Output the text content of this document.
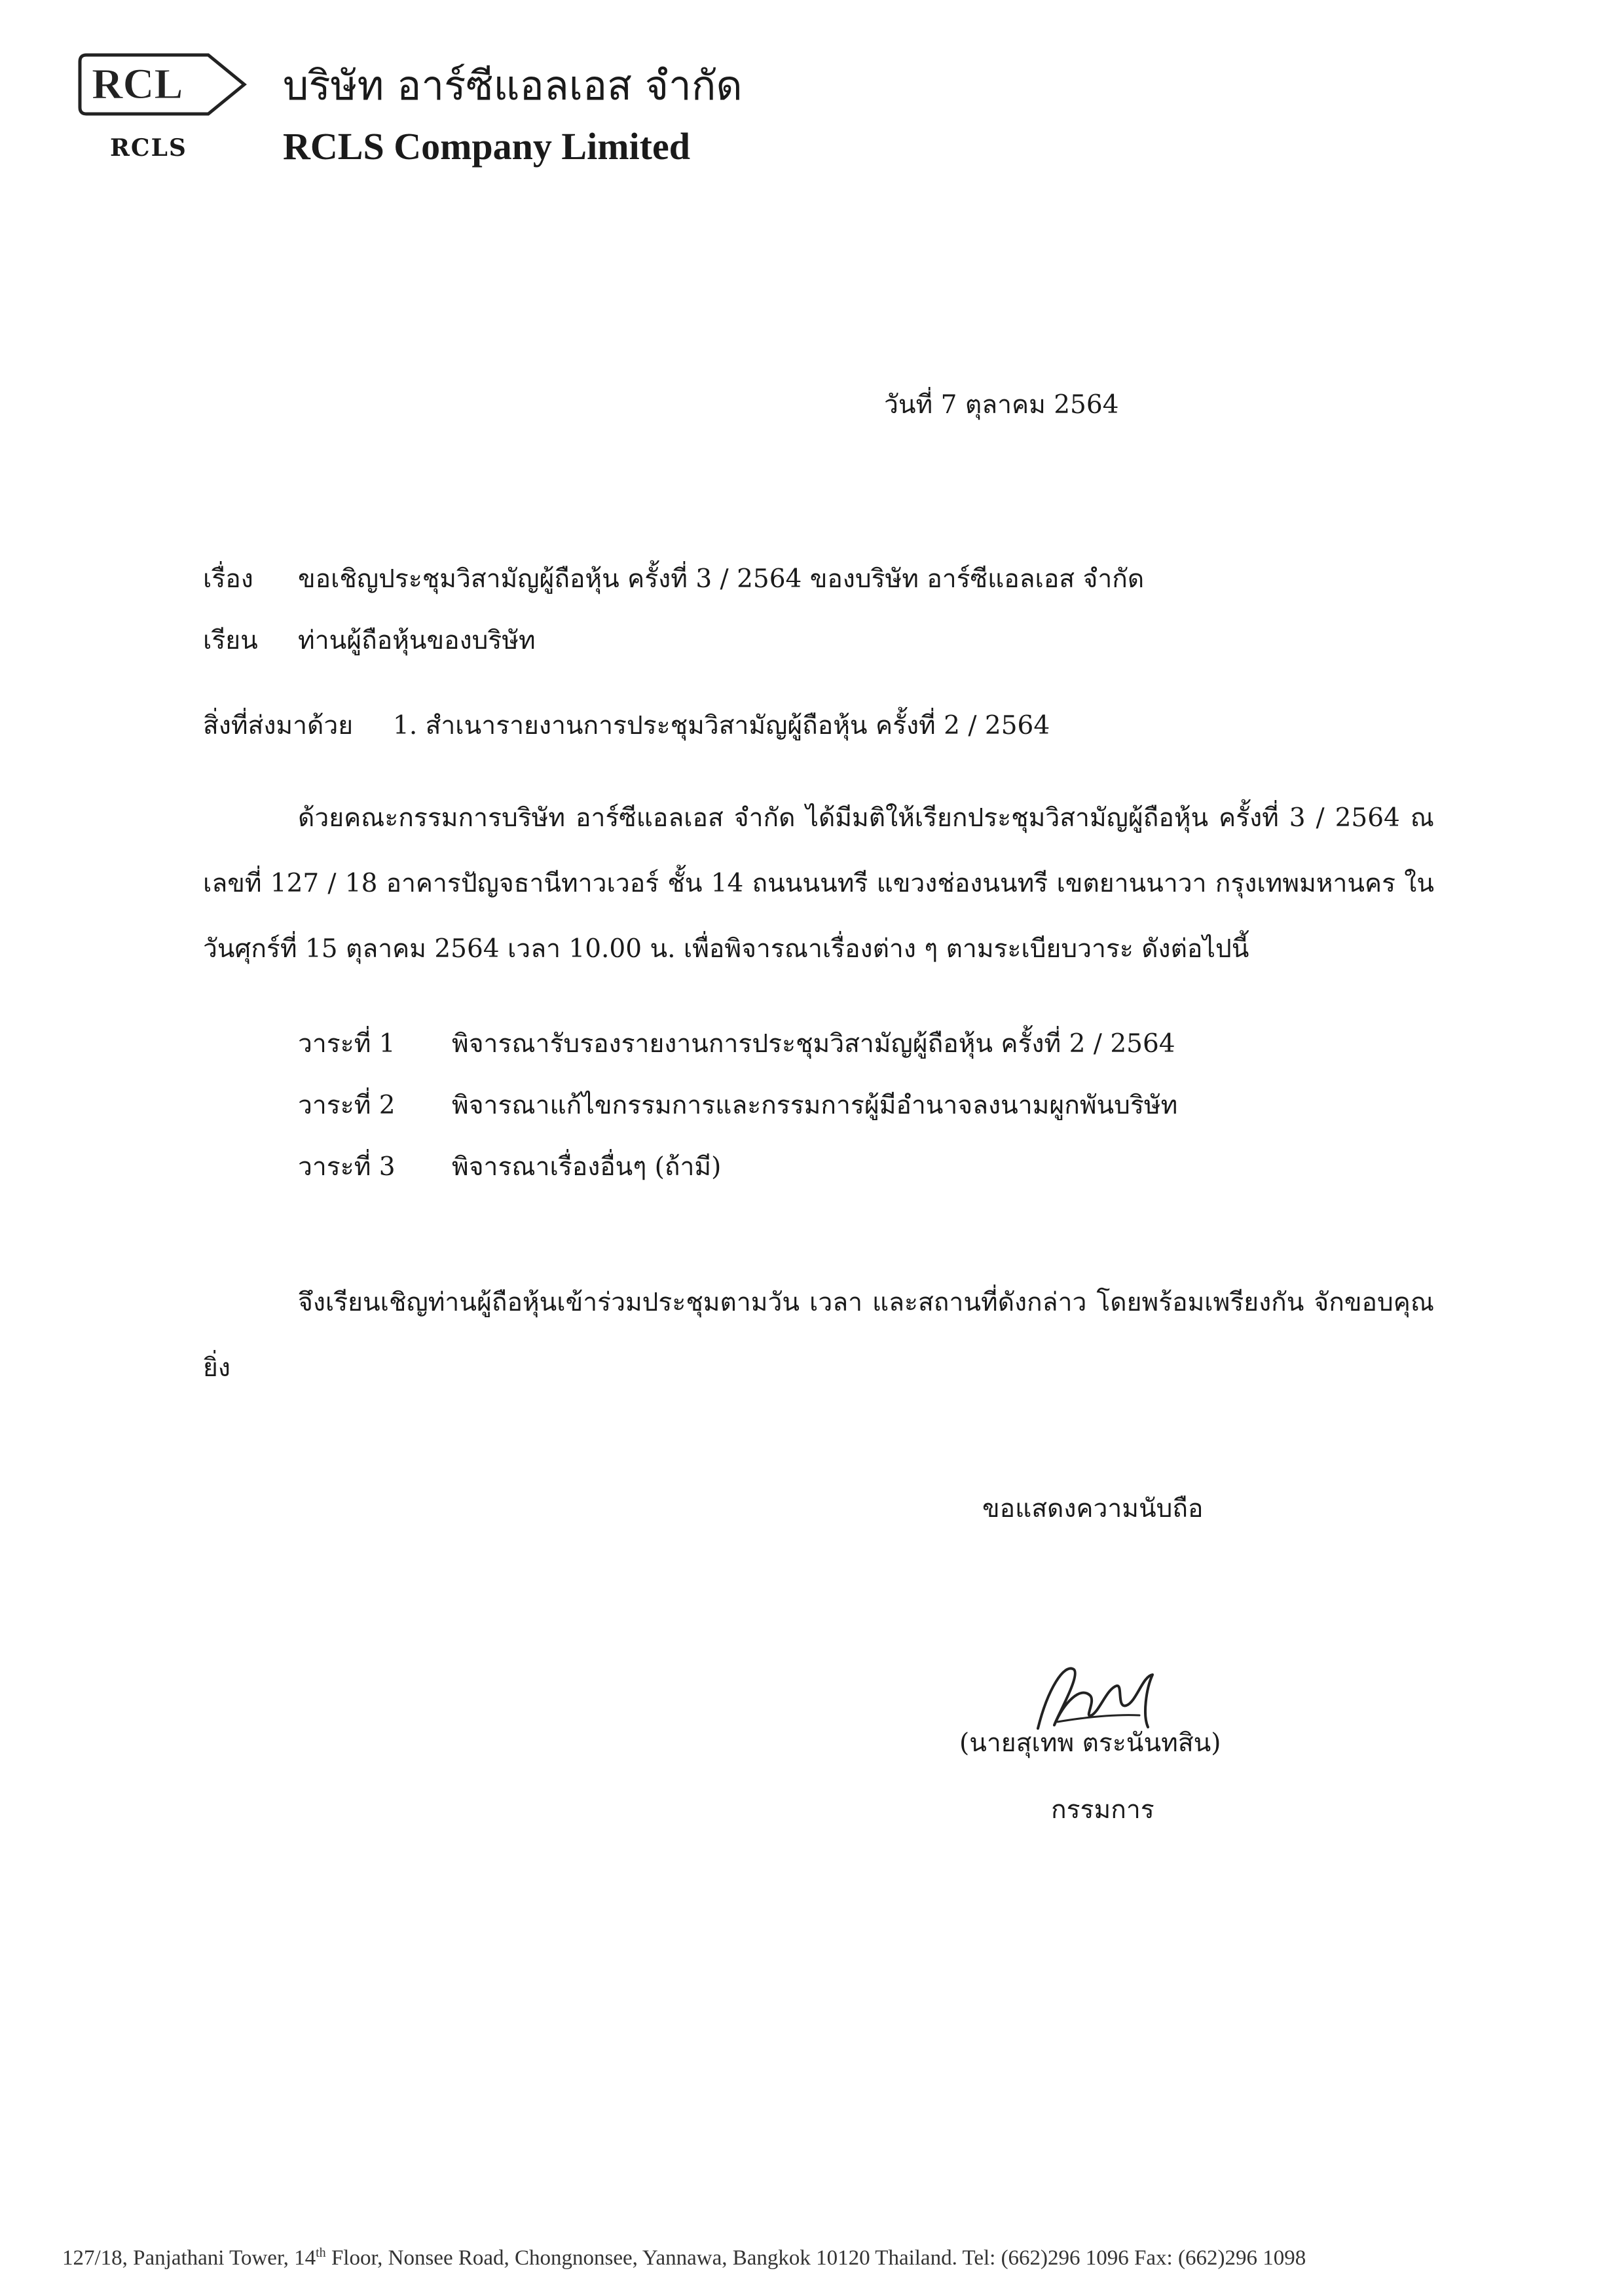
RCL
RCLS
บริษัท อาร์ซีแอลเอส จำกัด
RCLS Company Limited
วันที่ 7 ตุลาคม 2564
เรื่อง ขอเชิญประชุมวิสามัญผู้ถือหุ้น ครั้งที่ 3 / 2564 ของบริษัท อาร์ซีแอลเอส จำกัด
เรียน ท่านผู้ถือหุ้นของบริษัท
สิ่งที่ส่งมาด้วย 1. สำเนารายงานการประชุมวิสามัญผู้ถือหุ้น ครั้งที่ 2 / 2564

ด้วยคณะกรรมการบริษัท อาร์ซีแอลเอส จำกัด ได้มีมติให้เรียกประชุมวิสามัญผู้ถือหุ้น ครั้งที่ 3 / 2564 ณ เลขที่ 127 / 18 อาคารปัญจธานีทาวเวอร์ ชั้น 14 ถนนนนทรี แขวงช่องนนทรี เขตยานนาวา กรุงเทพมหานคร ในวันศุกร์ที่ 15 ตุลาคม 2564 เวลา 10.00 น. เพื่อพิจารณาเรื่องต่าง ๆ ตามระเบียบวาระ ดังต่อไปนี้

วาระที่ 1 พิจารณารับรองรายงานการประชุมวิสามัญผู้ถือหุ้น ครั้งที่ 2 / 2564
วาระที่ 2 พิจารณาแก้ไขกรรมการและกรรมการผู้มีอำนาจลงนามผูกพันบริษัท
วาระที่ 3 พิจารณาเรื่องอื่นๆ (ถ้ามี)

จึงเรียนเชิญท่านผู้ถือหุ้นเข้าร่วมประชุมตามวัน เวลา และสถานที่ดังกล่าว โดยพร้อมเพรียงกัน จักขอบคุณยิ่ง

ขอแสดงความนับถือ
(นายสุเทพ ตระนันทสิน)
กรรมการ
127/18, Panjathani Tower, 14th Floor, Nonsee Road, Chongnonsee, Yannawa, Bangkok 10120 Thailand. Tel: (662)296 1096 Fax: (662)296 1098
